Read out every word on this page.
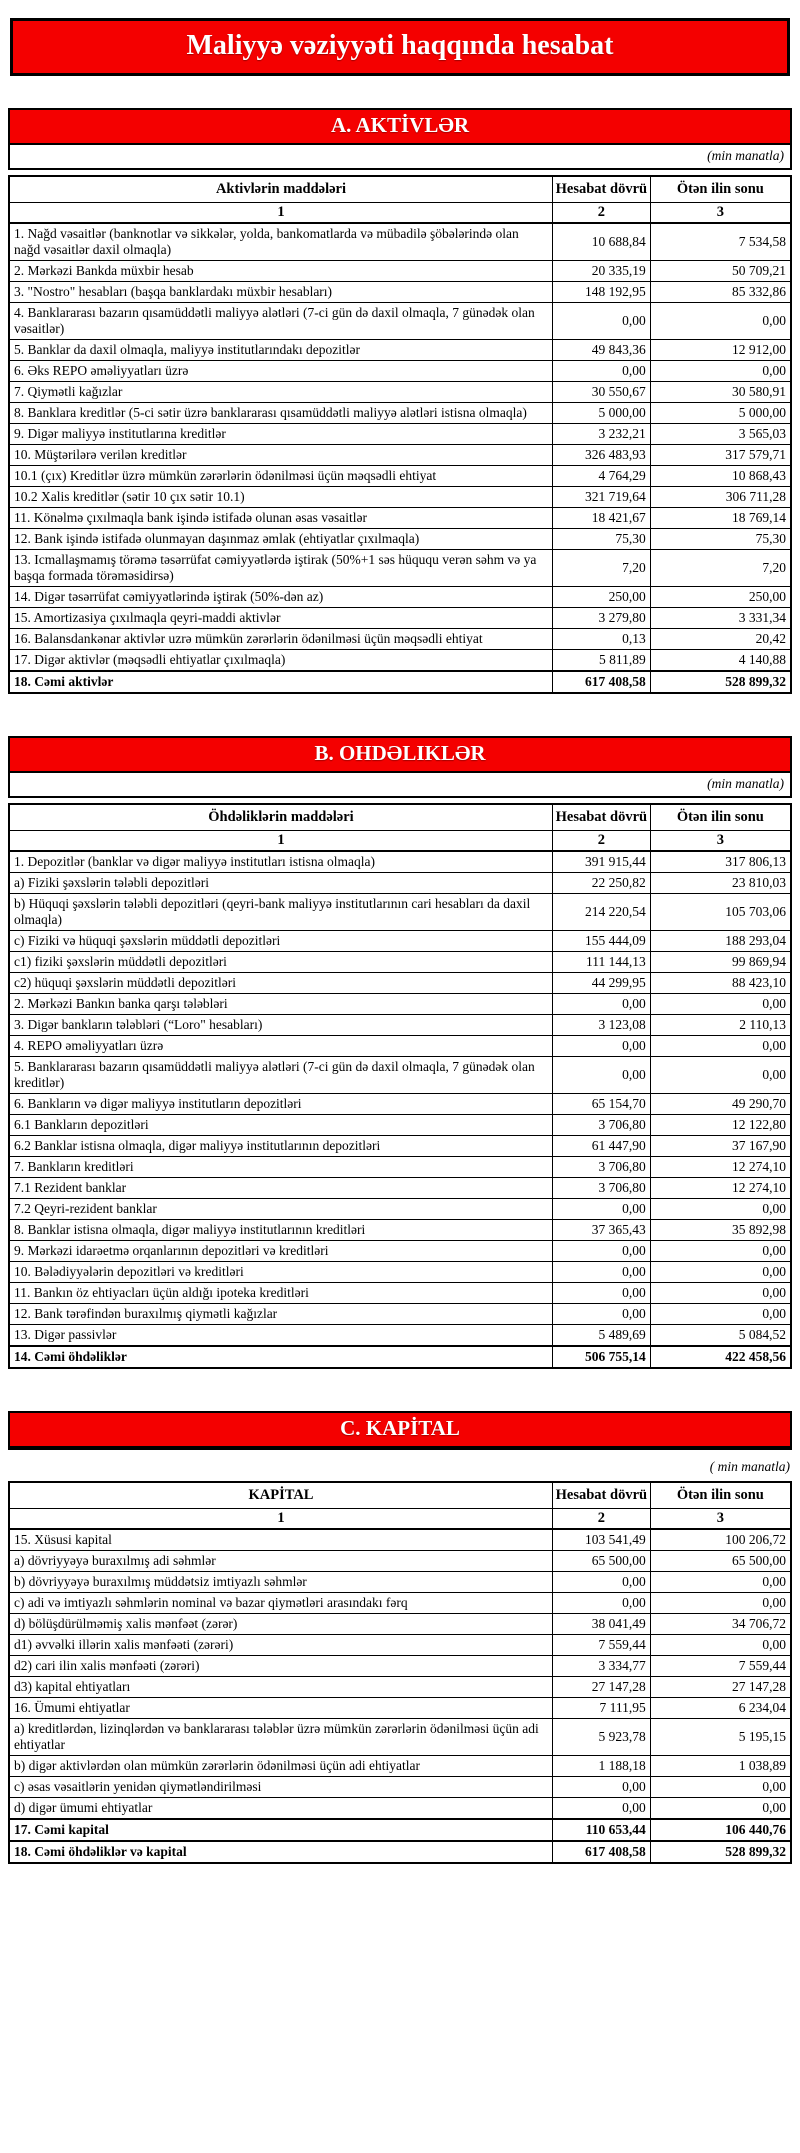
Maliyyə vəziyyəti haqqında hesabat
A. AKTİVLƏR
(min manatla)
Aktivlərin maddələri	Hesabat dövrü	Ötən ilin sonu
1	2	3
1. Nağd vəsaitlər (banknotlar və sikkələr, yolda, bankomatlarda və mübadilə şöbələrində olan nağd vəsaitlər daxil olmaqla)	10 688,84	7 534,58
2. Mərkəzi Bankda müxbir hesab	20 335,19	50 709,21
3. "Nostro" hesabları (başqa banklardakı müxbir hesabları)	148 192,95	85 332,86
4. Banklararası bazarın qısamüddətli maliyyə alətləri (7-ci gün də daxil olmaqla, 7 günədək olan vəsaitlər)	0,00	0,00
5. Banklar da daxil olmaqla, maliyyə institutlarındakı depozitlər	49 843,36	12 912,00
6. Əks REPO əməliyyatları üzrə	0,00	0,00
7. Qiymətli kağızlar	30 550,67	30 580,91
8. Banklara kreditlər (5-ci sətir üzrə banklararası qısamüddətli maliyyə alətləri istisna olmaqla)	5 000,00	5 000,00
9. Digər maliyyə institutlarına kreditlər	3 232,21	3 565,03
10. Müştərilərə verilən kreditlər	326 483,93	317 579,71
10.1 (çıx) Kreditlər üzrə mümkün zərərlərin ödənilməsi üçün məqsədli ehtiyat	4 764,29	10 868,43
10.2 Xalis kreditlər (sətir 10 çıx sətir 10.1)	321 719,64	306 711,28
11. Könəlmə çıxılmaqla bank işində istifadə olunan əsas vəsaitlər	18 421,67	18 769,14
12. Bank işində istifadə olunmayan daşınmaz əmlak (ehtiyatlar çıxılmaqla)	75,30	75,30
13. Icmallaşmamış törəmə təsərrüfat cəmiyyətlərdə iştirak (50%+1 səs hüququ verən səhm və ya başqa formada törəməsidirsə)	7,20	7,20
14. Digər təsərrüfat cəmiyyətlərində iştirak (50%-dən az)	250,00	250,00
15. Amortizasiya çıxılmaqla qeyri-maddi aktivlər	3 279,80	3 331,34
16. Balansdankənar aktivlər uzrə mümkün zərərlərin ödənilməsi üçün məqsədli ehtiyat	0,13	20,42
17. Digər aktivlər (məqsədli ehtiyatlar çıxılmaqla)	5 811,89	4 140,88
18. Cəmi aktivlər	617 408,58	528 899,32
B. OHDƏLIKLƏR
(min manatla)
Öhdəliklərin maddələri	Hesabat dövrü	Ötən ilin sonu
1	2	3
1. Depozitlər (banklar və digər maliyyə institutları istisna olmaqla)	391 915,44	317 806,13
a) Fiziki şəxslərin tələbli depozitləri	22 250,82	23 810,03
b) Hüquqi şəxslərin tələbli depozitləri (qeyri-bank maliyyə institutlarının cari hesabları da daxil olmaqla)	214 220,54	105 703,06
c) Fiziki və hüquqi şəxslərin müddətli depozitləri	155 444,09	188 293,04
c1) fiziki şəxslərin müddətli depozitləri	111 144,13	99 869,94
c2) hüquqi şəxslərin müddətli depozitləri	44 299,95	88 423,10
2. Mərkəzi Bankın banka qarşı tələbləri	0,00	0,00
3. Digər bankların tələbləri (“Loro" hesabları)	3 123,08	2 110,13
4. REPO əməliyyatları üzrə	0,00	0,00
5. Banklararası bazarın qısamüddətli maliyyə alətləri (7-ci gün də daxil olmaqla, 7 günədək olan kreditlər)	0,00	0,00
6. Bankların və digər maliyyə institutların depozitləri	65 154,70	49 290,70
6.1 Bankların depozitləri	3 706,80	12 122,80
6.2 Banklar istisna olmaqla, digər maliyyə institutlarının depozitləri	61 447,90	37 167,90
7. Bankların kreditləri	3 706,80	12 274,10
7.1 Rezident banklar	3 706,80	12 274,10
7.2 Qeyri-rezident banklar	0,00	0,00
8. Banklar istisna olmaqla, digər maliyyə institutlarının kreditləri	37 365,43	35 892,98
9. Mərkəzi idarəetmə orqanlarının depozitləri və kreditləri	0,00	0,00
10. Bələdiyyələrin depozitləri və kreditləri	0,00	0,00
11. Bankın öz ehtiyacları üçün aldığı ipoteka kreditləri	0,00	0,00
12. Bank tərəfindən buraxılmış qiymətli kağızlar	0,00	0,00
13. Digər passivlər	5 489,69	5 084,52
14. Cəmi öhdəliklər	506 755,14	422 458,56
C. KAPİTAL
( min manatla)
KAPİTAL	Hesabat dövrü	Ötən ilin sonu
1	2	3
15. Xüsusi kapital	103 541,49	100 206,72
a) dövriyyəyə buraxılmış adi səhmlər	65 500,00	65 500,00
b) dövriyyəyə buraxılmış müddətsiz imtiyazlı səhmlər	0,00	0,00
c) adi və imtiyazlı səhmlərin nominal və bazar qiymətləri arasındakı fərq	0,00	0,00
d) bölüşdürülməmiş xalis mənfəət (zərər)	38 041,49	34 706,72
d1) əvvəlki illərin xalis mənfəəti (zərəri)	7 559,44	0,00
d2) cari ilin xalis mənfəəti (zərəri)	3 334,77	7 559,44
d3) kapital ehtiyatları	27 147,28	27 147,28
16. Ümumi ehtiyatlar	7 111,95	6 234,04
a) kreditlərdən, lizinqlərdən və banklararası tələblər üzrə mümkün zərərlərin ödənilməsi üçün adi ehtiyatlar	5 923,78	5 195,15
b) digər aktivlərdən olan mümkün zərərlərin ödənilməsi üçün adi ehtiyatlar	1 188,18	1 038,89
c) əsas vəsaitlərin yenidən qiymətləndirilməsi	0,00	0,00
d) digər ümumi ehtiyatlar	0,00	0,00
17. Cəmi kapital	110 653,44	106 440,76
18. Cəmi öhdəliklər və kapital	617 408,58	528 899,32
